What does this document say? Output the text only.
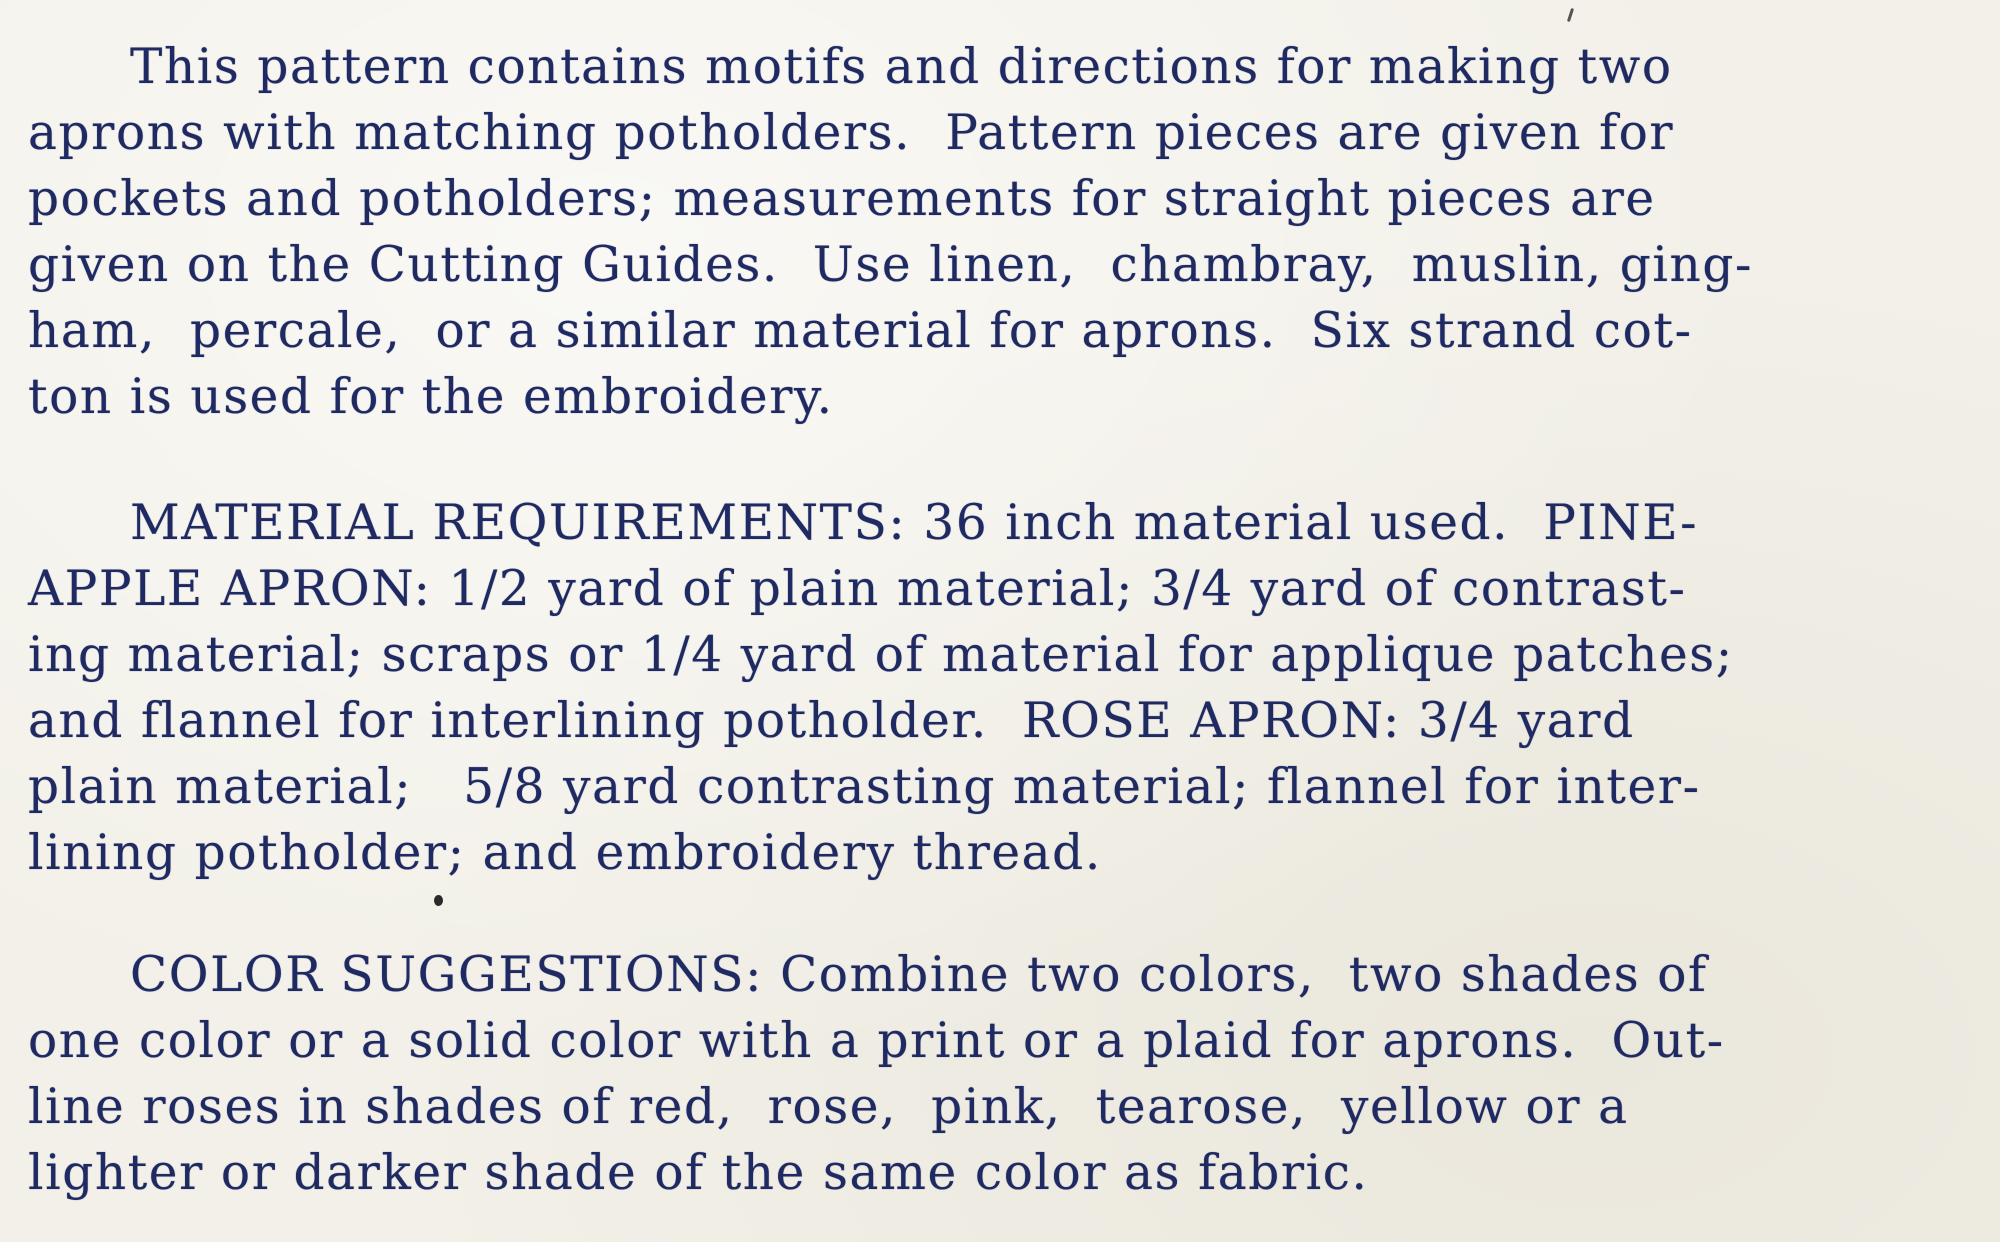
This pattern contains motifs and directions for making two
aprons with matching potholders.  Pattern pieces are given for
pockets and potholders; measurements for straight pieces are
given on the Cutting Guides.  Use linen,  chambray,  muslin, ging-
ham,  percale,  or a similar material for aprons.  Six strand cot-
ton is used for the embroidery.
MATERIAL REQUIREMENTS: 36 inch material used.  PINE-
APPLE APRON: 1/2 yard of plain material; 3/4 yard of contrast-
ing material; scraps or 1/4 yard of material for applique patches;
and flannel for interlining potholder.  ROSE APRON: 3/4 yard
plain material;   5/8 yard contrasting material; flannel for inter-
lining potholder; and embroidery thread.
COLOR SUGGESTIONS: Combine two colors,  two shades of
one color or a solid color with a print or a plaid for aprons.  Out-
line roses in shades of red,  rose,  pink,  tearose,  yellow or a
lighter or darker shade of the same color as fabric.
